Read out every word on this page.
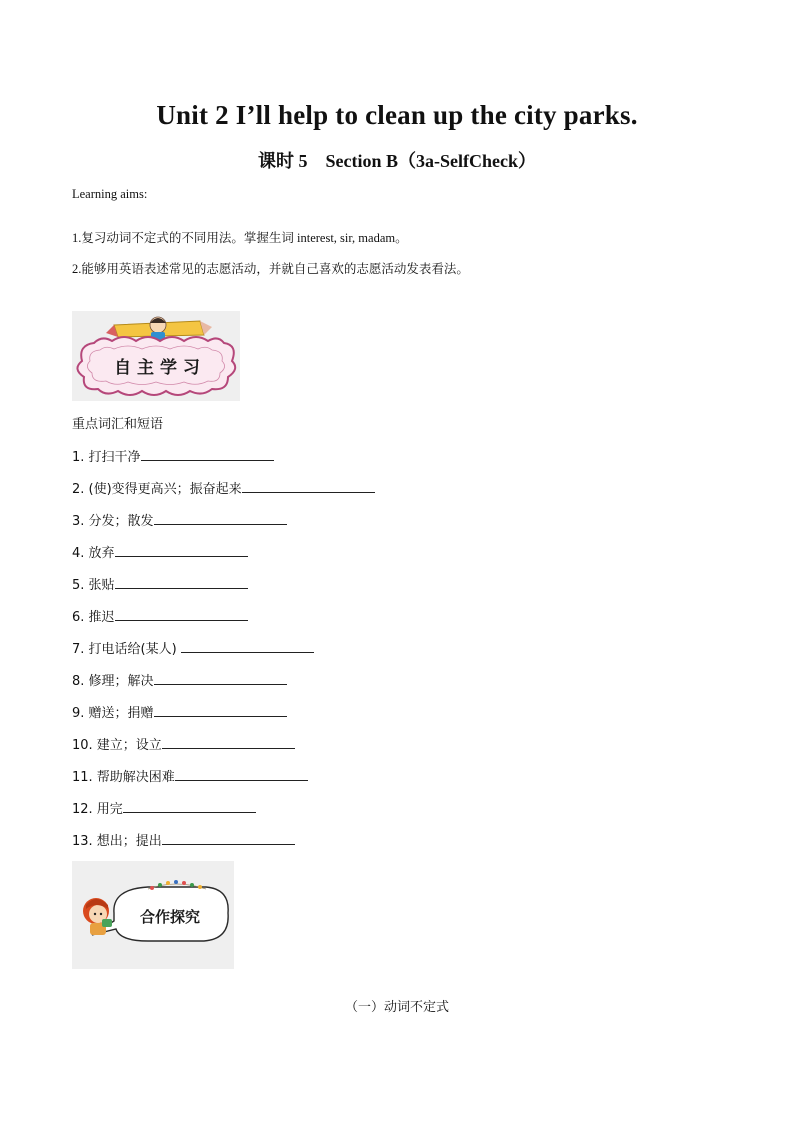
Unit 2 I’ll help to clean up the city parks.
课时 5　Section B（3a-SelfCheck）
Learning aims:
1.复习动词不定式的不同用法。掌握生词 interest, sir, madam。
2.能够用英语表述常见的志愿活动，并就自己喜欢的志愿活动发表看法。
自 主 学 习
重点词汇和短语
1. 打扫干净
2. (使)变得更高兴；振奋起来
3. 分发；散发
4. 放弃
5. 张贴
6. 推迟
7. 打电话给(某人)
8. 修理；解决
9. 赠送；捐赠
10. 建立；设立
11. 帮助解决困难
12. 用完
13. 想出；提出
合作探究
（一）动词不定式
